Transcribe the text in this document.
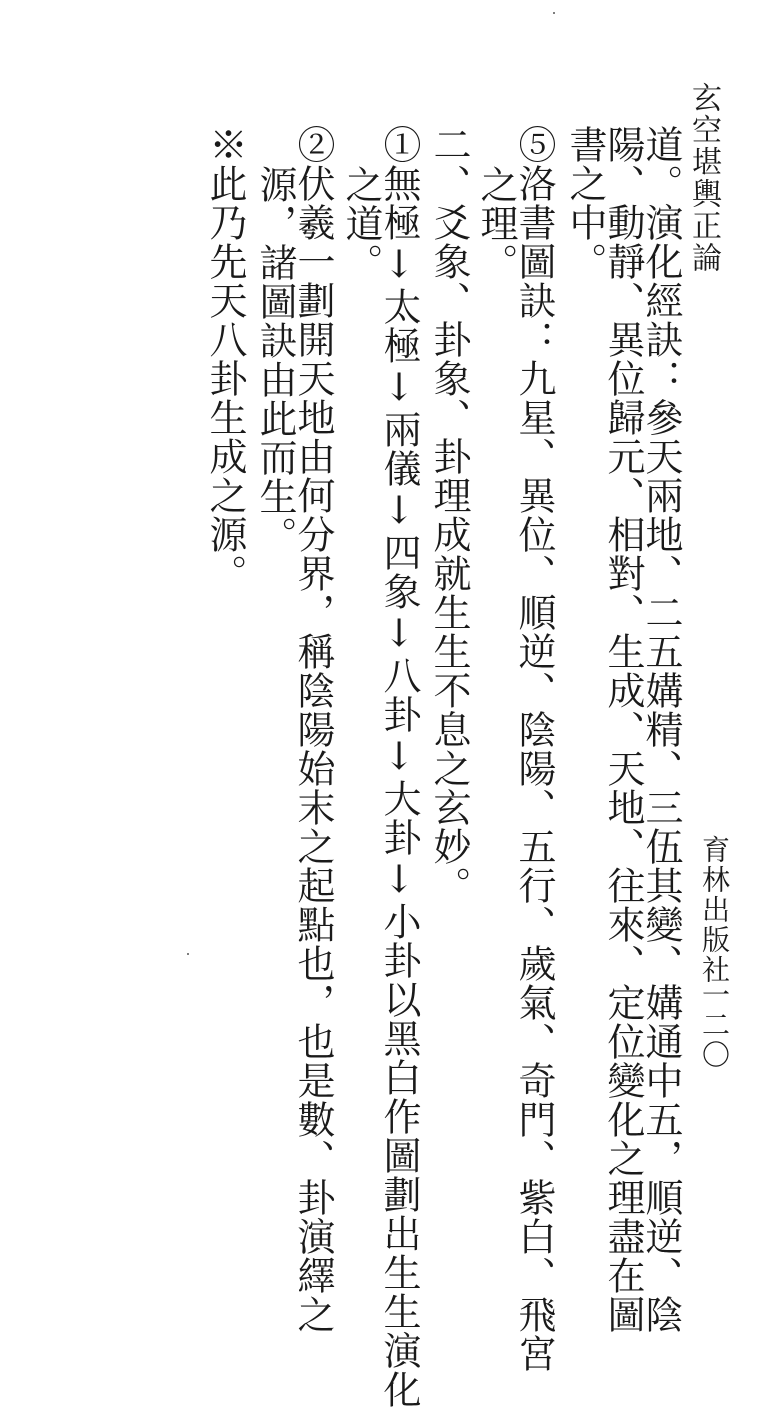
玄空堪輿正論
道。演化經訣：參天兩地、二五媾精、三伍其變、媾通中五，順逆、陰
陽、動靜、異位歸元、相對、生成、天地、往來、定位變化之理盡在圖
書之中。
⑤洛書圖訣：九星、異位、順逆、陰陽、五行、歲氣、奇門、紫白、飛宮
之理。
二、爻象、卦象、卦理成就生生不息之玄妙。
①無極↓太極↓兩儀↓四象↓八卦↓大卦↓小卦以黑白作圖劃出生生演化
之道。
②伏羲一劃開天地由何分界，稱陰陽始末之起點也，也是數、卦演繹之
源，諸圖訣由此而生。
※此乃先天八卦生成之源。
育林出版社
一二〇
